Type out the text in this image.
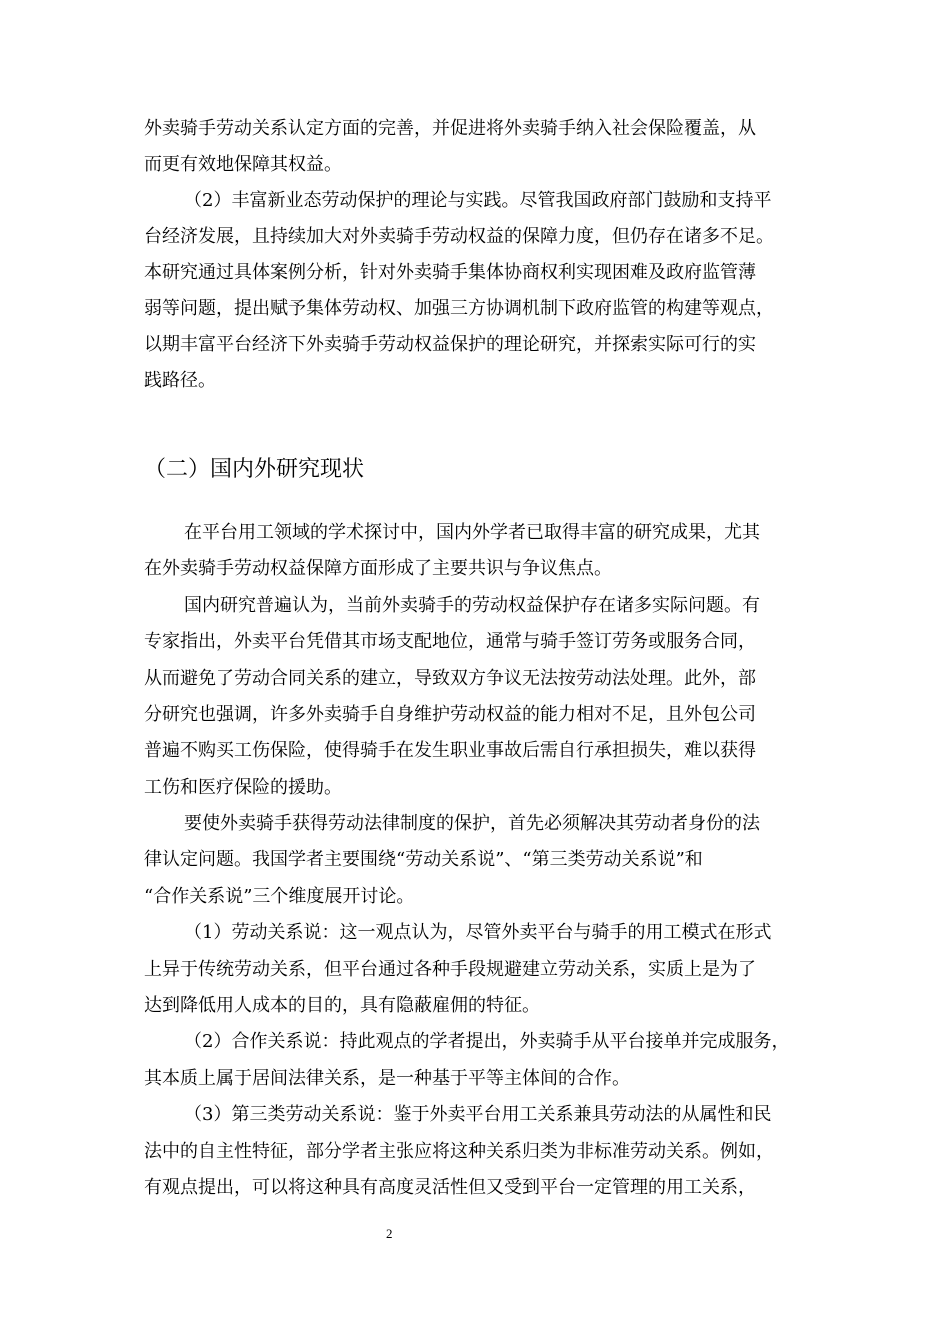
外卖骑手劳动关系认定方面的完善，并促进将外卖骑手纳入社会保险覆盖，从
而更有效地保障其权益。
（2）丰富新业态劳动保护的理论与实践。尽管我国政府部门鼓励和支持平
台经济发展，且持续加大对外卖骑手劳动权益的保障力度，但仍存在诸多不足。
本研究通过具体案例分析，针对外卖骑手集体协商权利实现困难及政府监管薄
弱等问题，提出赋予集体劳动权、加强三方协调机制下政府监管的构建等观点，
以期丰富平台经济下外卖骑手劳动权益保护的理论研究，并探索实际可行的实
践路径。
（二）国内外研究现状
在平台用工领域的学术探讨中，国内外学者已取得丰富的研究成果，尤其
在外卖骑手劳动权益保障方面形成了主要共识与争议焦点。
国内研究普遍认为，当前外卖骑手的劳动权益保护存在诸多实际问题。有
专家指出，外卖平台凭借其市场支配地位，通常与骑手签订劳务或服务合同，
从而避免了劳动合同关系的建立，导致双方争议无法按劳动法处理。此外，部
分研究也强调，许多外卖骑手自身维护劳动权益的能力相对不足，且外包公司
普遍不购买工伤保险，使得骑手在发生职业事故后需自行承担损失，难以获得
工伤和医疗保险的援助。
要使外卖骑手获得劳动法律制度的保护，首先必须解决其劳动者身份的法
律认定问题。我国学者主要围绕“劳动关系说”、“第三类劳动关系说”和
“合作关系说”三个维度展开讨论。
（1）劳动关系说：这一观点认为，尽管外卖平台与骑手的用工模式在形式
上异于传统劳动关系，但平台通过各种手段规避建立劳动关系，实质上是为了
达到降低用人成本的目的，具有隐蔽雇佣的特征。
（2）合作关系说：持此观点的学者提出，外卖骑手从平台接单并完成服务，
其本质上属于居间法律关系，是一种基于平等主体间的合作。
（3）第三类劳动关系说：鉴于外卖平台用工关系兼具劳动法的从属性和民
法中的自主性特征，部分学者主张应将这种关系归类为非标准劳动关系。例如，
有观点提出，可以将这种具有高度灵活性但又受到平台一定管理的用工关系，
2
